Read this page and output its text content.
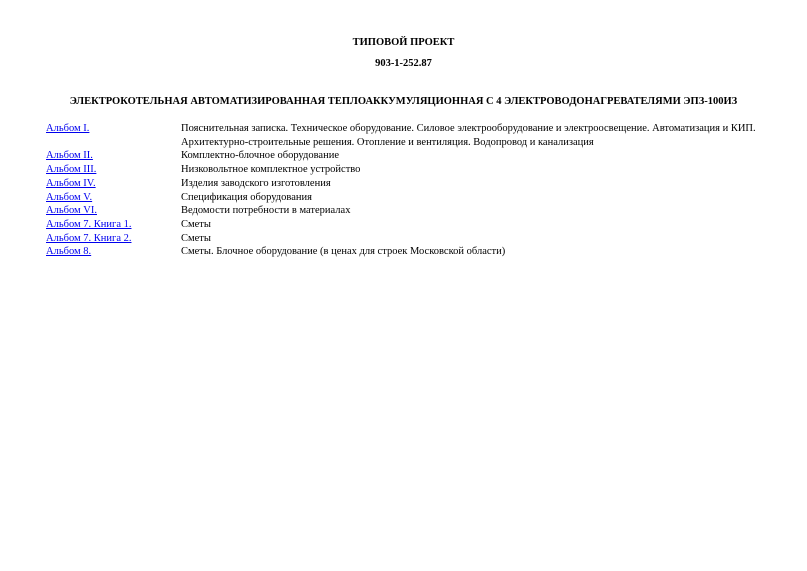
ТИПОВОЙ ПРОЕКТ
903-1-252.87
ЭЛЕКТРОКОТЕЛЬНАЯ АВТОМАТИЗИРОВАННАЯ ТЕПЛОАККУМУЛЯЦИОННАЯ С 4 ЭЛЕКТРОВОДОНАГРЕВАТЕЛЯМИ ЭПЗ-100ИЗ
Альбом I.	Пояснительная записка. Техническое оборудование. Силовое электрооборудование и электроосвещение. Автоматизация и КИП. Архитектурно-строительные решения. Отопление и вентиляция. Водопровод и канализация
Альбом II.	Комплектно-блочное оборудование
Альбом III.	Низковольтное комплектное устройство
Альбом IV.	Изделия заводского изготовления
Альбом V.	Спецификация оборудования
Альбом VI.	Ведомости потребности в материалах
Альбом 7. Книга 1.	Сметы
Альбом 7. Книга 2.	Сметы
Альбом 8.	Сметы. Блочное оборудование (в ценах для строек Московской области)
